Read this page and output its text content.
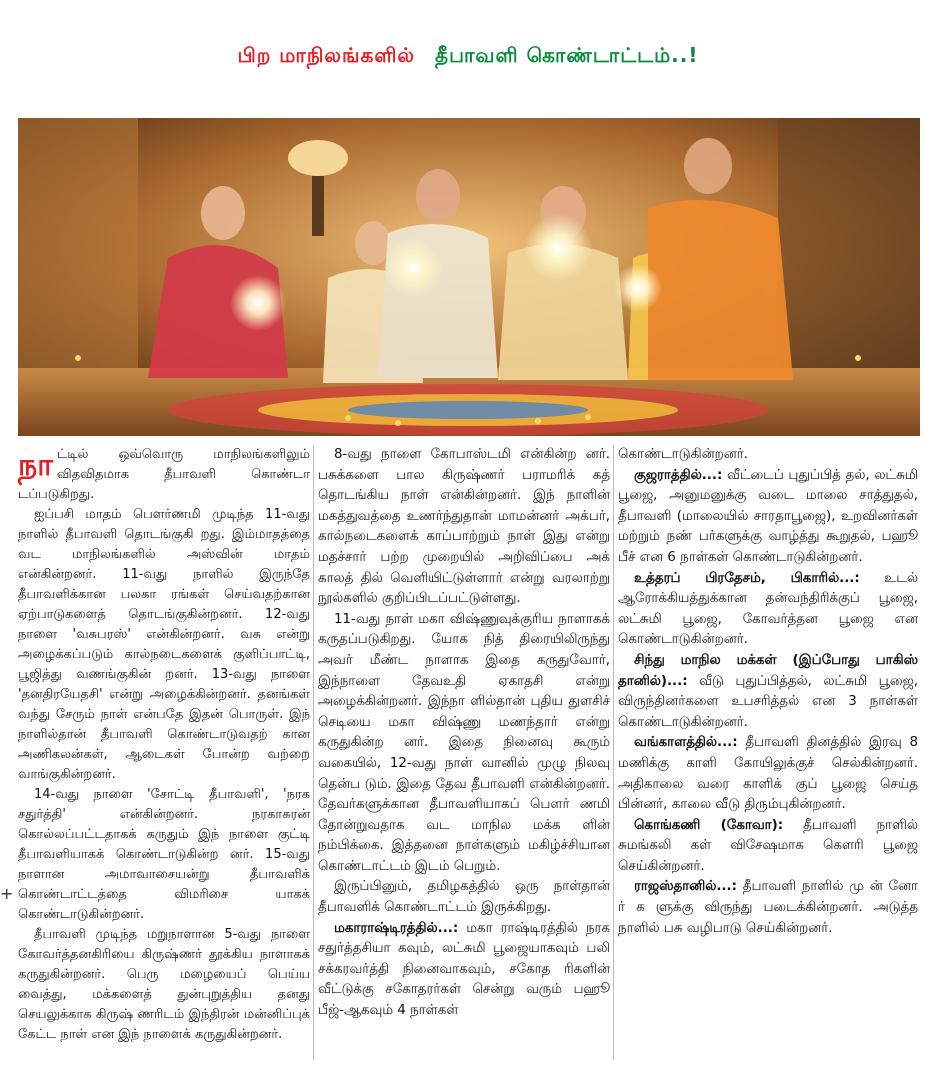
பிற மாநிலங்களில் தீபாவளி கொண்டாட்டம்..!
+

நாட்டில் ஒவ்வொரு மாநிலங்களிலும் விதவிதமாக தீபாவளி கொண்டா டப்படுகிறது.

ஐப்பசி மாதம் பௌர்ணமி முடிந்த 11-வது நாளில் தீபாவளி தொடங்குகி றது. இம்மாதத்தை வட மாநிலங்களில் அஸ்வின் மாதம் என்கின்றனர். 11-வது நாளில் இருந்தே தீபாவளிக்கான பலகா ரங்கள் செய்வதற்கான ஏற்பாடுகளைத் தொடங்குகின்றனர். 12-வது நாளை 'வசுபரஸ்' என்கின்றனர். வசு என்று அழைக்கப்படும் கால்நடைகளைக் குளிப்பாட்டி, பூஜித்து வணங்குகின் றனர். 13-வது நாளை 'தனதிரயேதசி' என்று அழைக்கின்றனர். தனங்கள் வந்து சேரும் நாள் என்பதே இதன் பொருள். இந் நாளில்தான் தீபாவளி கொண்டாடுவதற் கான அணிகலன்கள், ஆடைகள் போன்ற வற்றை வாங்குகின்றனர்.

14-வது நாளை 'சோட்டி தீபாவளி', 'நரக சதுர்த்தி' என்கின்றனர். நரகாசுரன் கொல்லப்பட்டதாகக் கருதும் இந் நாளை குட்டி தீபாவளியாகக் கொண்டாடுகின்ற னர். 15-வது நாளான அமாவாசையன்று தீபாவளிக் கொண்டாட்டத்தை விமரிசை யாகக் கொண்டாடுகின்றனர்.

தீபாவளி முடிந்த மறுநாளான 5-வது நாளை கோவர்த்தனகிரியை கிருஷ்ணர் தூக்கிய நாளாகக் கருதுகின்றனர். பெரு மழையைப் பெய்ய வைத்து, மக்களைத் துன்புறுத்திய தனது செயலுக்காக கிருஷ் ணரிடம் இந்திரன் மன்னிப்புக் கேட்ட நாள் என இந் நாளைக் கருதுகின்றனர்.

8-வது நாளை கோபாஸ்டமி என்கின்ற னர். பசுக்களை பால கிருஷ்ணர் பராமரிக் கத் தொடங்கிய நாள் என்கின்றனர். இந் நாளின் மகத்துவத்தை உணர்ந்துதான் மாமன்னர் அக்பர், கால்நடைகளைக் காப்பாற்றும் நாள் இது என்று மதச்சார் பற்ற முறையில் அறிவிப்பை அக் காலத் தில் வெளியிட்டுள்ளார் என்று வரலாற்று நூல்களில் குறிப்பிடப்பட்டுள்ளது.

11-வது நாள் மகா விஷ்ணுவுக்குரிய நாளாகக் கருதப்படுகிறது. யோக நித் திரையிலிருந்து அவர் மீண்ட நாளாக இதை கருதுவோர், இந்நாளை தேவஉதி ஏகாதசி என்று அழைக்கின்றனர். இந்நா ளில்தான் புதிய துளசிச் செடியை மகா விஷ்ணு மணந்தார் என்று கருதுகின்ற னர். இதை நினைவு கூரும் வகையில், 12-வது நாள் வானில் முழு நிலவு தென்ப டும். இதை தேவ தீபாவளி என்கின்றனர். தேவர்களுக்கான தீபாவளியாகப் பௌர் ணமி தோன்றுவதாக வட மாநில மக்க ளின் நம்பிக்கை. இத்தனை நாள்களும் மகிழ்ச்சியான கொண்டாட்டம் இடம் பெறும்.

இருப்பினும், தமிழகத்தில் ஒரு நாள்தான் தீபாவளிக் கொண்டாட்டம் இருக்கிறது.

மகாராஷ்டிரத்தில்...: மகா ராஷ்டிரத்தில் நரக சதுர்த்தசியா கவும், லட்சுமி பூஜையாகவும் பலி சக்கரவர்த்தி நினைவாகவும், சகோத ரிகளின் வீட்டுக்கு சகோதரர்கள் சென்று வரும் பஹூ பீஜ்-ஆகவும் 4 நாள்கள்

கொண்டாடுகின்றனர்.

குஜராத்தில்...: வீட்டைப் புதுப்பித் தல், லட்சுமி பூஜை, அனுமனுக்கு வடை மாலை சாத்துதல், தீபாவளி (மாலையில் சாரதாபூஜை), உறவினர்கள் மற்றும் நண் பர்களுக்கு வாழ்த்து கூறுதல், பஹூ பீச் என 6 நாள்கள் கொண்டாடுகின்றனர்.

உத்தரப் பிரதேசம், பிகாரில்...: உடல் ஆரோக்கியத்துக்கான தன்வந்திரிக்குப் பூஜை, லட்சுமி பூஜை, கோவர்த்தன பூஜை என கொண்டாடுகின்றனர்.

சிந்து மாநில மக்கள் (இப்போது பாகிஸ் தானில்)...: வீடு புதுப்பித்தல், லட்சுமி பூஜை, விருந்தினர்களை உபசரித்தல் என 3 நாள்கள் கொண்டாடுகின்றனர்.

வங்காளத்தில்...: தீபாவளி தினத்தில் இரவு 8 மணிக்கு காளி கோயிலுக்குச் செல்கின்றனர். அதிகாலை வரை காளிக் குப் பூஜை செய்த பின்னர், காலை வீடு திரும்புகின்றனர்.

கொங்கணி (கோவா): தீபாவளி நாளில் சுமங்கலி கள் விசேஷமாக கௌரி பூஜை செய்கின்றனர்.

ராஜஸ்தானில்...: தீபாவளி நாளில் மு ன் னோ ர் க ளுக்கு விருந்து படைக்கின்றனர். அடுத்த நாளில் பசு வழிபாடு செய்கின்றனர்.
